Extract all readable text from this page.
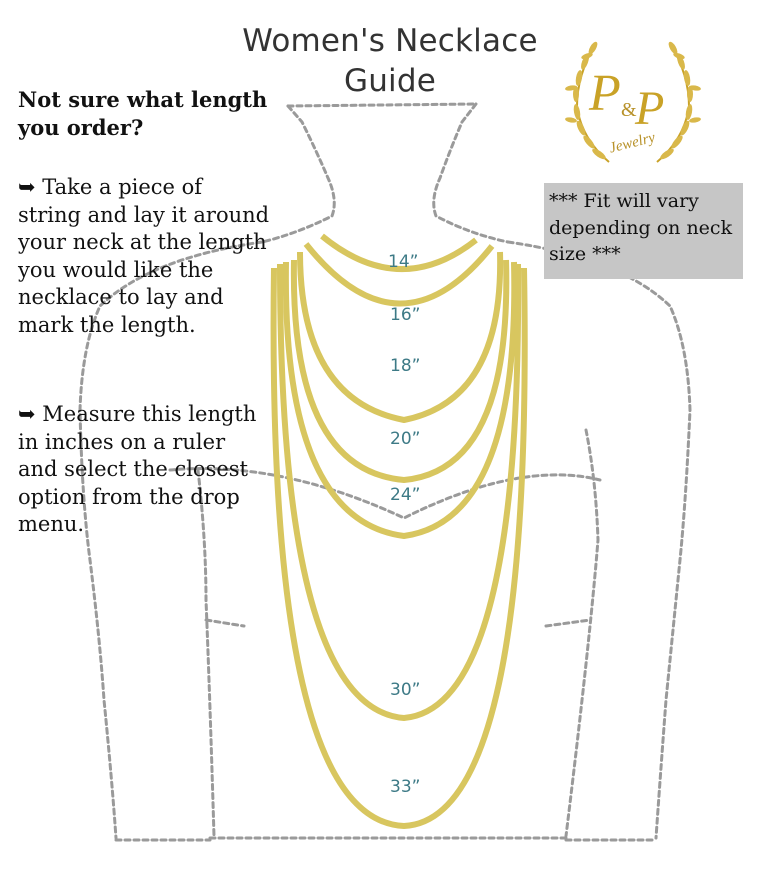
14”
16”
18”
20”
24”
30”
33”
Women's Necklace
Guide
Not sure what length you order?
➥ Take a piece of string and lay it around your neck at the length you would like the necklace to lay and mark the length.
➥ Measure this length in inches on a ruler and select the closest option from the drop menu.
*** Fit will vary depending on neck size ***
P &
P
Jewelry
